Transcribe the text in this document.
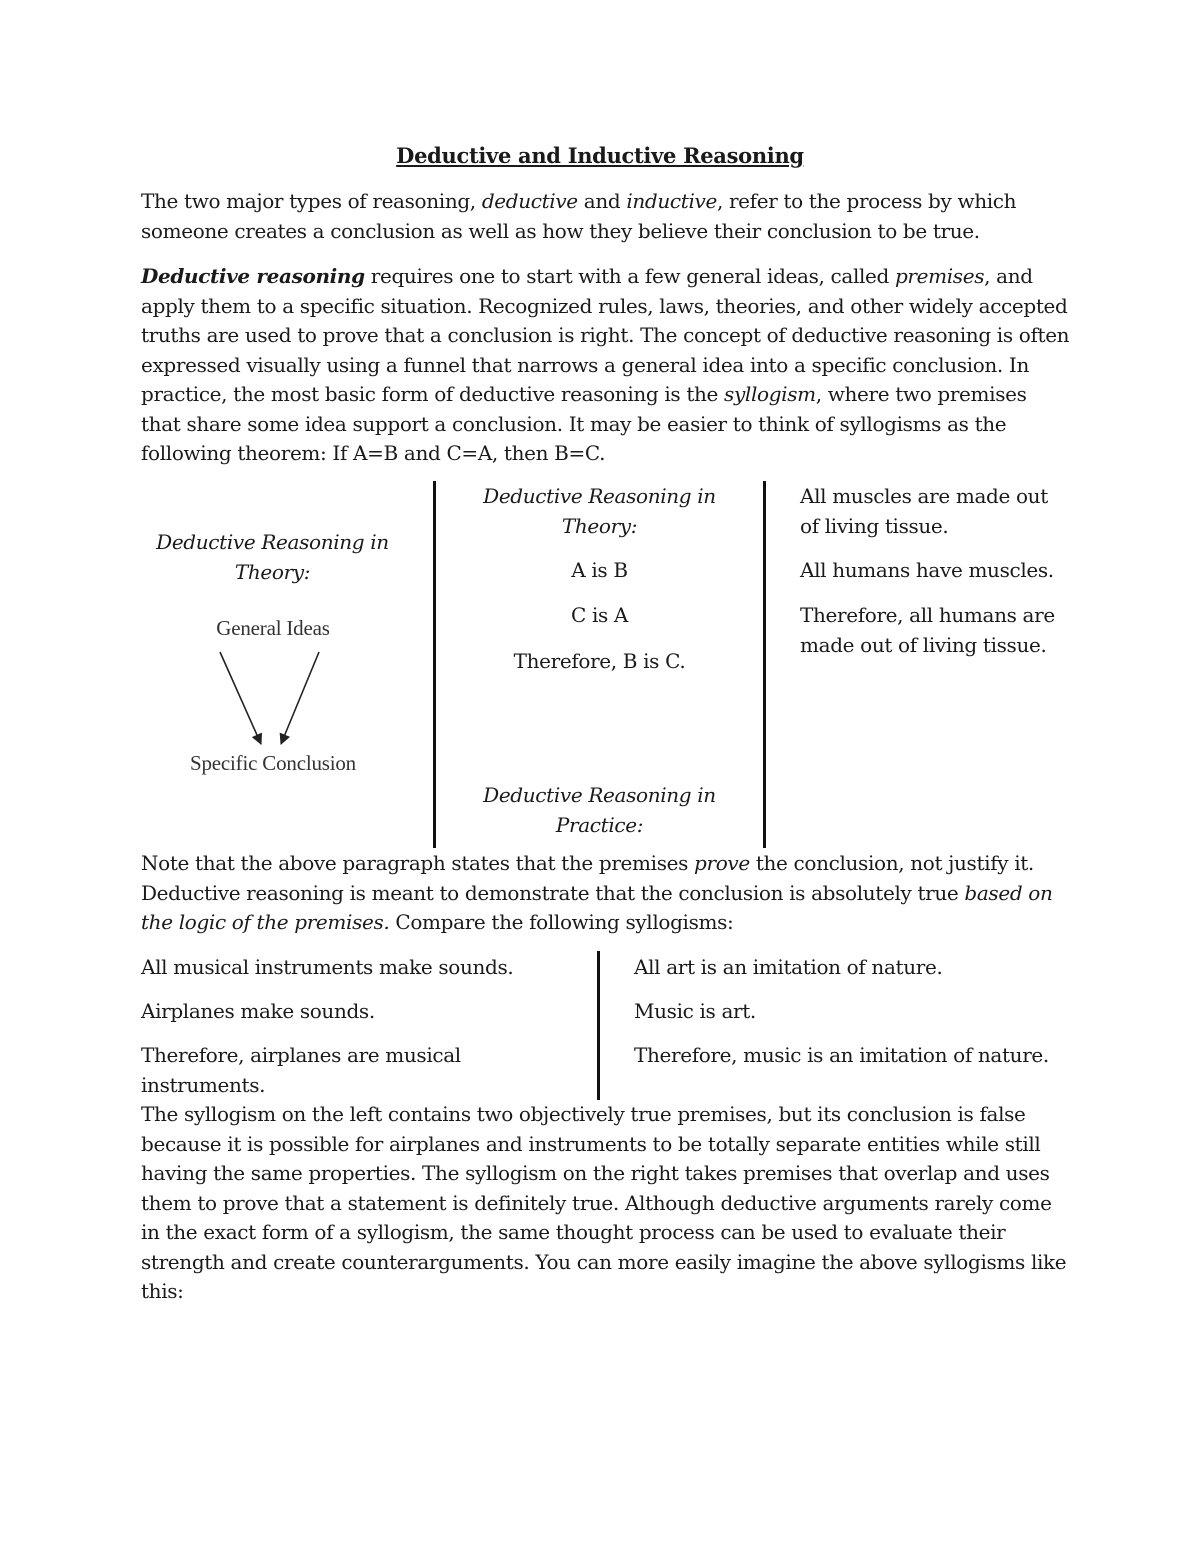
Deductive and Inductive Reasoning
The two major types of reasoning, deductive and inductive, refer to the process by which someone creates a conclusion as well as how they believe their conclusion to be true.
Deductive reasoning requires one to start with a few general ideas, called premises, and apply them to a specific situation. Recognized rules, laws, theories, and other widely accepted truths are used to prove that a conclusion is right. The concept of deductive reasoning is often expressed visually using a funnel that narrows a general idea into a specific conclusion. In practice, the most basic form of deductive reasoning is the syllogism, where two premises that share some idea support a conclusion. It may be easier to think of syllogisms as the following theorem: If A=B and C=A, then B=C.
Deductive Reasoning in Theory:
General Ideas
Specific Conclusion
Deductive Reasoning in Theory:
A is B
C is A
Therefore, B is C.
Deductive Reasoning in Practice:
All muscles are made out of living tissue.
All humans have muscles.
Therefore, all humans are made out of living tissue.
Note that the above paragraph states that the premises prove the conclusion, not justify it. Deductive reasoning is meant to demonstrate that the conclusion is absolutely true based on the logic of the premises. Compare the following syllogisms:
All musical instruments make sounds.
Airplanes make sounds.
Therefore, airplanes are musical instruments.
All art is an imitation of nature.
Music is art.
Therefore, music is an imitation of nature.
The syllogism on the left contains two objectively true premises, but its conclusion is false because it is possible for airplanes and instruments to be totally separate entities while still having the same properties. The syllogism on the right takes premises that overlap and uses them to prove that a statement is definitely true. Although deductive arguments rarely come in the exact form of a syllogism, the same thought process can be used to evaluate their strength and create counterarguments. You can more easily imagine the above syllogisms like this:
